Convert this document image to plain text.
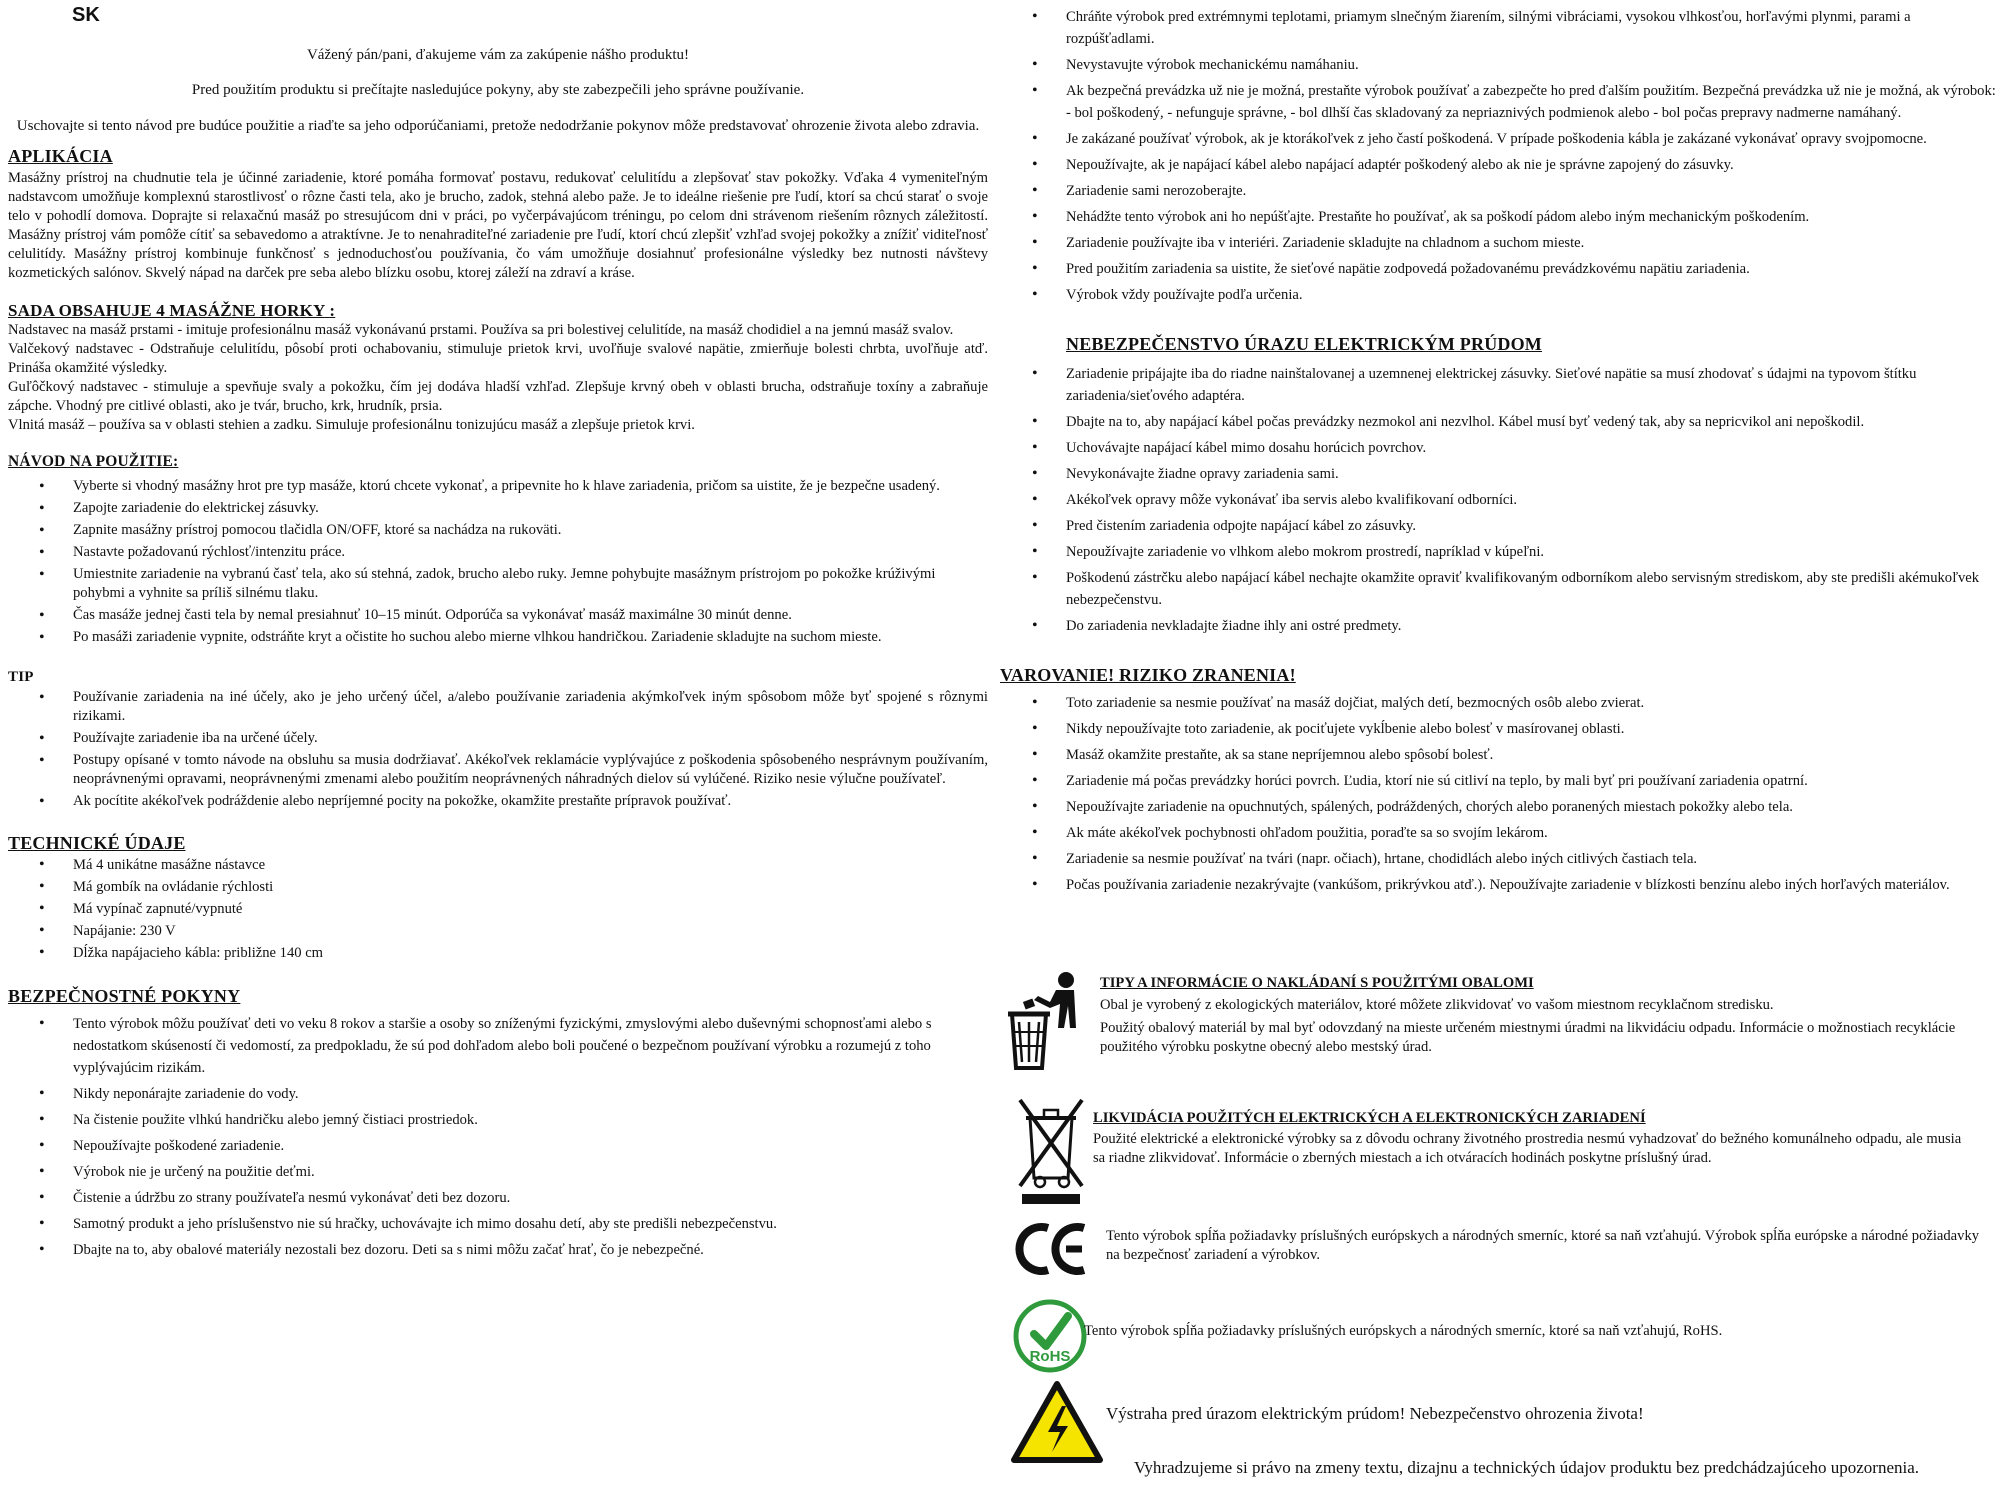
SK

Vážený pán/pani, ďakujeme vám za zakúpenie nášho produktu!

Pred použitím produktu si prečítajte nasledujúce pokyny, aby ste zabezpečili jeho správne používanie.

Uschovajte si tento návod pre budúce použitie a riaďte sa jeho odporúčaniami, pretože nedodržanie pokynov môže predstavovať ohrozenie života alebo zdravia.

APLIKÁCIA

Masážny prístroj na chudnutie tela je účinné zariadenie, ktoré pomáha formovať postavu, redukovať celulitídu a zlepšovať stav pokožky. Vďaka 4 vymeniteľným nadstavcom umožňuje komplexnú starostlivosť o rôzne časti tela, ako je brucho, zadok, stehná alebo paže. Je to ideálne riešenie pre ľudí, ktorí sa chcú starať o svoje telo v pohodlí domova. Doprajte si relaxačnú masáž po stresujúcom dni v práci, po vyčerpávajúcom tréningu, po celom dni strávenom riešením rôznych záležitostí. Masážny prístroj vám pomôže cítiť sa sebavedomo a atraktívne. Je to nenahraditeľné zariadenie pre ľudí, ktorí chcú zlepšiť vzhľad svojej pokožky a znížiť viditeľnosť celulitídy. Masážny prístroj kombinuje funkčnosť s jednoduchosťou používania, čo vám umožňuje dosiahnuť profesionálne výsledky bez nutnosti návštevy kozmetických salónov. Skvelý nápad na darček pre seba alebo blízku osobu, ktorej záleží na zdraví a kráse.

SADA OBSAHUJE 4 MASÁŽNE HORKY :

Nadstavec na masáž prstami - imituje profesionálnu masáž vykonávanú prstami. Používa sa pri bolestivej celulitíde, na masáž chodidiel a na jemnú masáž svalov.

Valčekový nadstavec - Odstraňuje celulitídu, pôsobí proti ochabovaniu, stimuluje prietok krvi, uvoľňuje svalové napätie, zmierňuje bolesti chrbta, uvoľňuje atď. Prináša okamžité výsledky.

Guľôčkový nadstavec - stimuluje a spevňuje svaly a pokožku, čím jej dodáva hladší vzhľad. Zlepšuje krvný obeh v oblasti brucha, odstraňuje toxíny a zabraňuje zápche. Vhodný pre citlivé oblasti, ako je tvár, brucho, krk, hrudník, prsia.

Vlnitá masáž – používa sa v oblasti stehien a zadku. Simuluje profesionálnu tonizujúcu masáž a zlepšuje prietok krvi.

NÁVOD NA POUŽITIE:
• Vyberte si vhodný masážny hrot pre typ masáže, ktorú chcete vykonať, a pripevnite ho k hlave zariadenia, pričom sa uistite, že je bezpečne usadený.
• Zapojte zariadenie do elektrickej zásuvky.
• Zapnite masážny prístroj pomocou tlačidla ON/OFF, ktoré sa nachádza na rukoväti.
• Nastavte požadovanú rýchlosť/intenzitu práce.
• Umiestnite zariadenie na vybranú časť tela, ako sú stehná, zadok, brucho alebo ruky. Jemne pohybujte masážnym prístrojom po pokožke krúživými pohybmi a vyhnite sa príliš silnému tlaku.
• Čas masáže jednej časti tela by nemal presiahnuť 10–15 minút. Odporúča sa vykonávať masáž maximálne 30 minút denne.
• Po masáži zariadenie vypnite, odstráňte kryt a očistite ho suchou alebo mierne vlhkou handričkou. Zariadenie skladujte na suchom mieste.
TIP
• Používanie zariadenia na iné účely, ako je jeho určený účel, a/alebo používanie zariadenia akýmkoľvek iným spôsobom môže byť spojené s rôznymi rizikami.
• Používajte zariadenie iba na určené účely.
• Postupy opísané v tomto návode na obsluhu sa musia dodržiavať. Akékoľvek reklamácie vyplývajúce z poškodenia spôsobeného nesprávnym používaním, neoprávnenými opravami, neoprávnenými zmenami alebo použitím neoprávnených náhradných dielov sú vylúčené. Riziko nesie výlučne používateľ.
• Ak pocítite akékoľvek podráždenie alebo nepríjemné pocity na pokožke, okamžite prestaňte prípravok používať.
TECHNICKÉ ÚDAJE
• Má 4 unikátne masážne nástavce
• Má gombík na ovládanie rýchlosti
• Má vypínač zapnuté/vypnuté
• Napájanie: 230 V
• Dĺžka napájacieho kábla: približne 140 cm
BEZPEČNOSTNÉ POKYNY
• Tento výrobok môžu používať deti vo veku 8 rokov a staršie a osoby so zníženými fyzickými, zmyslovými alebo duševnými schopnosťami alebo s nedostatkom skúseností či vedomostí, za predpokladu, že sú pod dohľadom alebo boli poučené o bezpečnom používaní výrobku a rozumejú z toho vyplývajúcim rizikám.
• Nikdy neponárajte zariadenie do vody.
• Na čistenie použite vlhkú handričku alebo jemný čistiaci prostriedok.
• Nepoužívajte poškodené zariadenie.
• Výrobok nie je určený na použitie deťmi.
• Čistenie a údržbu zo strany používateľa nesmú vykonávať deti bez dozoru.
• Samotný produkt a jeho príslušenstvo nie sú hračky, uchovávajte ich mimo dosahu detí, aby ste predišli nebezpečenstvu.
• Dbajte na to, aby obalové materiály nezostali bez dozoru. Deti sa s nimi môžu začať hrať, čo je nebezpečné.
• Chráňte výrobok pred extrémnymi teplotami, priamym slnečným žiarením, silnými vibráciami, vysokou vlhkosťou, horľavými plynmi, parami a rozpúšťadlami.
• Nevystavujte výrobok mechanickému namáhaniu.
• Ak bezpečná prevádzka už nie je možná, prestaňte výrobok používať a zabezpečte ho pred ďalším použitím. Bezpečná prevádzka už nie je možná, ak výrobok: - bol poškodený, - nefunguje správne, - bol dlhší čas skladovaný za nepriaznivých podmienok alebo - bol počas prepravy nadmerne namáhaný.
• Je zakázané používať výrobok, ak je ktorákoľvek z jeho častí poškodená. V prípade poškodenia kábla je zakázané vykonávať opravy svojpomocne.
• Nepoužívajte, ak je napájací kábel alebo napájací adaptér poškodený alebo ak nie je správne zapojený do zásuvky.
• Zariadenie sami nerozoberajte.
• Nehádžte tento výrobok ani ho nepúšťajte. Prestaňte ho používať, ak sa poškodí pádom alebo iným mechanickým poškodením.
• Zariadenie používajte iba v interiéri. Zariadenie skladujte na chladnom a suchom mieste.
• Pred použitím zariadenia sa uistite, že sieťové napätie zodpovedá požadovanému prevádzkovému napätiu zariadenia.
• Výrobok vždy používajte podľa určenia.
NEBEZPEČENSTVO ÚRAZU ELEKTRICKÝM PRÚDOM
• Zariadenie pripájajte iba do riadne nainštalovanej a uzemnenej elektrickej zásuvky. Sieťové napätie sa musí zhodovať s údajmi na typovom štítku zariadenia/sieťového adaptéra.
• Dbajte na to, aby napájací kábel počas prevádzky nezmokol ani nezvlhol. Kábel musí byť vedený tak, aby sa nepricvikol ani nepoškodil.
• Uchovávajte napájací kábel mimo dosahu horúcich povrchov.
• Nevykonávajte žiadne opravy zariadenia sami.
• Akékoľvek opravy môže vykonávať iba servis alebo kvalifikovaní odborníci.
• Pred čistením zariadenia odpojte napájací kábel zo zásuvky.
• Nepoužívajte zariadenie vo vlhkom alebo mokrom prostredí, napríklad v kúpeľni.
• Poškodenú zástrčku alebo napájací kábel nechajte okamžite opraviť kvalifikovaným odborníkom alebo servisným strediskom, aby ste predišli akémukoľvek nebezpečenstvu.
• Do zariadenia nevkladajte žiadne ihly ani ostré predmety.
VAROVANIE! RIZIKO ZRANENIA!
• Toto zariadenie sa nesmie používať na masáž dojčiat, malých detí, bezmocných osôb alebo zvierat.
• Nikdy nepoužívajte toto zariadenie, ak pociťujete vykĺbenie alebo bolesť v masírovanej oblasti.
• Masáž okamžite prestaňte, ak sa stane nepríjemnou alebo spôsobí bolesť.
• Zariadenie má počas prevádzky horúci povrch. Ľudia, ktorí nie sú citliví na teplo, by mali byť pri používaní zariadenia opatrní.
• Nepoužívajte zariadenie na opuchnutých, spálených, podráždených, chorých alebo poranených miestach pokožky alebo tela.
• Ak máte akékoľvek pochybnosti ohľadom použitia, poraďte sa so svojím lekárom.
• Zariadenie sa nesmie používať na tvári (napr. očiach), hrtane, chodidlách alebo iných citlivých častiach tela.
• Počas používania zariadenie nezakrývajte (vankúšom, prikrývkou atď.). Nepoužívajte zariadenie v blízkosti benzínu alebo iných horľavých materiálov.
TIPY A INFORMÁCIE O NAKLÁDANÍ S POUŽITÝMI OBALOMI
Obal je vyrobený z ekologických materiálov, ktoré môžete zlikvidovať vo vašom miestnom recyklačnom stredisku.
Použitý obalový materiál by mal byť odovzdaný na mieste určeném miestnymi úradmi na likvidáciu odpadu. Informácie o možnostiach recyklácie použitého výrobku poskytne obecný alebo mestský úrad.
LIKVIDÁCIA POUŽITÝCH ELEKTRICKÝCH A ELEKTRONICKÝCH ZARIADENÍ
Použité elektrické a elektronické výrobky sa z dôvodu ochrany životného prostredia nesmú vyhadzovať do bežného komunálneho odpadu, ale musia sa riadne zlikvidovať. Informácie o zberných miestach a ich otváracích hodinách poskytne príslušný úrad.
Tento výrobok spĺňa požiadavky príslušných európskych a národných smerníc, ktoré sa naň vzťahujú. Výrobok spĺňa európske a národné požiadavky na bezpečnosť zariadení a výrobkov.
RoHS
Tento výrobok spĺňa požiadavky príslušných európskych a národných smerníc, ktoré sa naň vzťahujú, RoHS.
Výstraha pred úrazom elektrickým prúdom! Nebezpečenstvo ohrozenia života!
Vyhradzujeme si právo na zmeny textu, dizajnu a technických údajov produktu bez predchádzajúceho upozornenia.
